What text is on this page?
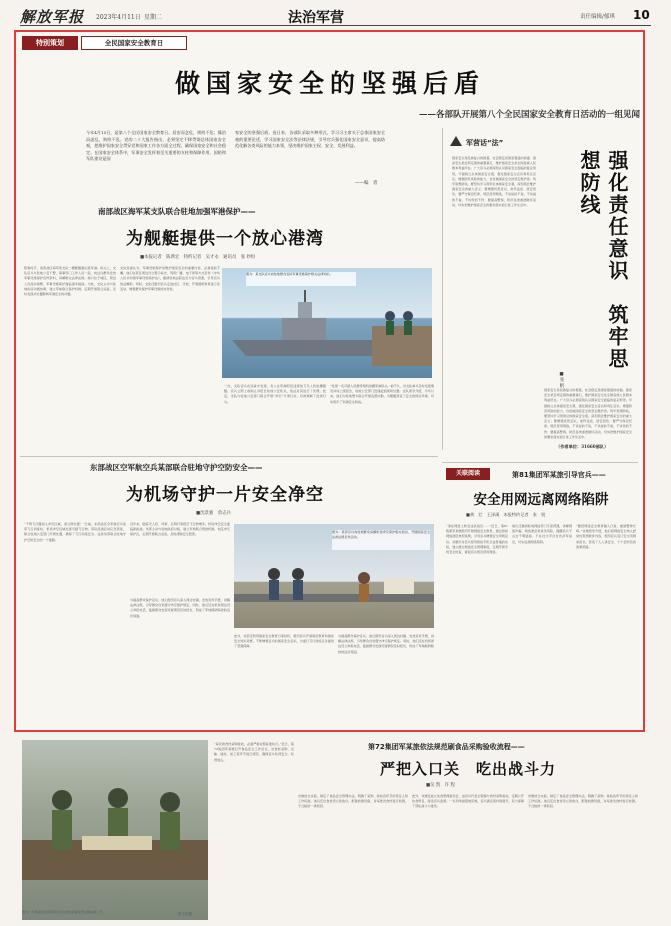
解放军报 2023年4月11日 星期二	法治军营	责任编辑/郁琪 10
特别策划	全民国家安全教育日
做国家安全的坚强后盾
——各部队开展第八个全民国家安全教育日活动的一组见闻
今年4月15日，是第八个全民国家安全教育日。居安而念危，则终不危；操治而虑乱，则终不乱。党的二十大报告指出，必须坚定不移贯彻总体国家安全观，把维护国家安全贯穿党和国家工作各方面全过程，确保国家安全和社会稳定。在国家安全体系中，军事安全发挥着至关重要的支柱和保障作用，国防和军队建设是国
家安全的坚强后盾。连日来，各部队采取多种形式，学习习主席关于总体国家安全观的重要论述，学习国家安全法等法律法规，引导官兵强化国家安全意识，提高防范化解各类风险的能力本领，坚决维护国家主权、安全、发展利益。
——编　者
军营话“法”
国家安全是民族复兴的根基，社会稳定是国家强盛的前提。国家安全是安邦定国的重要基石，维护国家安全是全国各族人民根本利益所在。广大官兵必须深刻认识国家安全面临的复杂形势，牢固树立总体国家安全观，强化国家安全意识和责任意识，增强防范风险的能力，自觉做国家安全的坚定维护者。筑牢思想防线，要坚持学习贯彻总体国家安全观，深刻领会维护国家安全的重大意义；要增强忧患意识，常怀远虑、居安思危；要严守保密纪律，规范使用网络，不该说的不说，不该看的不看，不该传的不传；要提高警惕，防范各类渗透破坏活动，切实把维护国家安全的要求落实到日常工作生活中。	强化责任意识　筑牢思想防线
■张 帆
国家安全是民族复兴的根基，社会稳定是国家强盛的前提。国家安全是安邦定国的重要基石，维护国家安全是全国各族人民根本利益所在。广大官兵必须深刻认识国家安全面临的复杂形势，牢固树立总体国家安全观，强化国家安全意识和责任意识，增强防范风险的能力，自觉做国家安全的坚定维护者。筑牢思想防线，要坚持学习贯彻总体国家安全观，深刻领会维护国家安全的重大意义；要增强忧患意识，常怀远虑、居安思危；要严守保密纪律，规范使用网络，不该说的不说，不该看的不看，不该传的不传；要提高警惕，防范各类渗透破坏活动，切实把维护国家安全的要求落实到日常工作生活中。
（作者单位：31660部队）
南部战区海军某支队联合驻地加强军港保护——
为舰艇提供一个放心港湾
■本报记者　陈典宏　特约记者　吴才永　通讯员　张 妙恒
阳春时节，南部战区海军某支队一艘舰艇靠泊某军港。码头上，支队官兵与驻地公安干警、海事部门工作人员一起，向过往群众发放军事设施保护宣传资料，讲解相关法律法规。港口位于城区，周边人员流动频繁，军事设施保护面临诸多挑战。为此，支队主动与驻地政府沟通协调，建立军地联合保护机制，定期开展联合巡查，及时发现并处置影响军港安全的问题。
支队党委认为，军事设施保护是维护国家安全的重要内容，必须常抓不懈。他们在营区周边设立警示标志，利用广播、电子屏等方式宣传《中华人民共和国军事设施保护法》，邀请驻地法院法官为官兵授课，引导官兵依法履职。同时，支队还组织官兵走进社区、学校，开展国防教育进万家活动，增强群众保护军事设施的自觉性。
图为：某支队官兵向驻地群众宣讲军事设施保护相关法律知识。
一次，支队官兵在巡查中发现，有人在军港附近违规放飞无人机拍摄舰艇。官兵立即上前制止并报告驻地公安机关，依法对其进行了处理。此后，支队与驻地公安部门联合开展“净空”专项行动，有效遏制了此类行为。
“发现一名可疑人员携带相机拍摄军港码头。”前不久，该支队哨兵及时发现情况并向上级报告，驻地公安部门迅速赶到现场处置。支队领导介绍，今年以来，他们与驻地警方联合开展巡逻执勤，为舰艇营造了安全的停泊环境，切实筑牢了军港安全防线。
东部战区空军航空兵某部联合驻地守护空防安全——
为机场守护一片安全净空
■沈景强　余志兵
“不明飞行器闯入净空区域，请立即处置！”日前，东部战区空军航空兵某部飞行训练时，机场净空区域发现可疑飞行物。部队迅速启动应急预案，联合驻地公安部门开展处置，确保了飞行训练安全。这是该部联合驻地守护空防安全的一个缩影。
近年来，随着无人机、风筝、孔明灯等低空飞行物增多，机场净空安全面临新挑战。该部主动与驻地政府对接，建立军地联合管控机制，划定净空保护区，定期开展联合巡查，及时清除安全隐患。
图为：某部官兵向驻地群众讲解机场净空保护相关知识，开展国家安全法律法规宣传活动。
为提高群众保护意识，他们组织官兵深入周边村镇，发放宣传手册，讲解法律法规，引导群众自觉遵守净空保护规定。同时，他们还在机场周边设立举报电话，鼓励群众发现可疑情况及时报告，形成了军地联防联控的良好局面。
此外，该部还利用国家安全教育日等时机，组织官兵开展保密教育和国家安全知识竞赛，不断增强官兵的国家安全意识，为遂行飞行训练任务提供了坚强保障。
为提高群众保护意识，他们组织官兵深入周边村镇，发放宣传手册，讲解法律法规，引导群众自觉遵守净空保护规定。同时，他们还在机场周边设立举报电话，鼓励群众发现可疑情况及时报告，形成了军地联防联控的良好局面。
关联阅读	第81集团军某旅引导官兵——
安全用网远离网络陷阱
■黄　壮　王泽溪　本报特约记者　张　锐
“请在网络上转发这条信息……”近日，第81集团军某旅组织开展网络安全教育，通过剖析网络泄密典型案例，引导官兵增强安全用网意识。该旅针对官兵使用智能手机日益普遍的实际，建立健全网络安全管理制度，定期开展手机安全检查，督促官兵规范使用网络。
他们还邀请驻地网信部门专家授课，讲解网络诈骗、网络泄密等常见风险，提醒官兵不点击不明链接、不在社交平台发布涉军信息，切实远离网络陷阱。
“要把网络安全教育融入日常，做到警钟长鸣。”该旅领导介绍，他们将网络安全纳入经常性思想教育内容，组织官兵签订安全用网承诺书，营造了人人讲安全、个个会防范的浓厚氛围。
图为：中部战区陆军某部官兵在食堂监督伙食采购验收工作。	张文韬摄
第72集团军某旅依法规范刷食品采购验收流程——
严把入口关　吃出战斗力
■吴 凯　许 程
“每次的食材采购验收，必须严格对照标准执行。”近日，第72集团军某旅召开食品安全工作会议，对食材采购、运输、储存、加工等环节进行规范，确保官兵吃得安全、吃得放心。
该旅结合实际，制定了食品安全管理办法，明确了采购、验收各环节的责任人和工作标准。他们还在食堂设立验收台，配备检测设备，对每批次食材进行检测，不合格的一律退回。
此外，该旅还成立伙食管理委员会，由官兵代表全程参与食材采购验收，定期公开伙食账目，接受官兵监督。一系列举措落地见效，官兵满意度持续提升，有力保障了部队战斗力建设。
该旅结合实际，制定了食品安全管理办法，明确了采购、验收各环节的责任人和工作标准。他们还在食堂设立验收台，配备检测设备，对每批次食材进行检测，不合格的一律退回。
